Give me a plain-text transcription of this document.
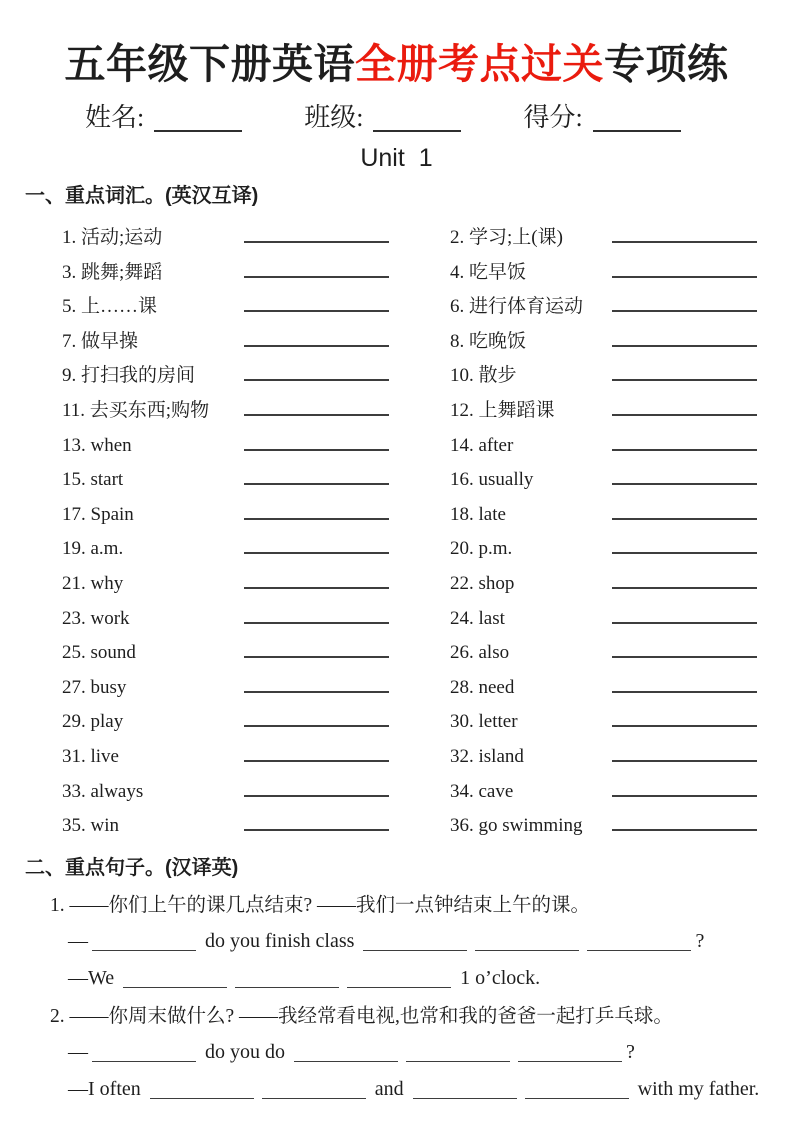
五年级下册英语全册考点过关专项练
姓名:	班级:	得分:
Unit 1
一、重点词汇。(英汉互译)
1. 活动;运动	2. 学习;上(课)
3. 跳舞;舞蹈	4. 吃早饭
5. 上……课	6. 进行体育运动
7. 做早操	8. 吃晚饭
9. 打扫我的房间	10. 散步
11. 去买东西;购物	12. 上舞蹈课
13. when	14. after
15. start	16. usually
17. Spain	18. late
19. a.m.	20. p.m.
21. why	22. shop
23. work	24. last
25. sound	26. also
27. busy	28. need
29. play	30. letter
31. live	32. island
33. always	34. cave
35. win	36. go swimming
二、重点句子。(汉译英)
1. ——你们上午的课几点结束? ——我们一点钟结束上午的课。
—	do you finish class	?
—We	1 o’clock.
2. ——你周末做什么? ——我经常看电视,也常和我的爸爸一起打乒乓球。
—	do you do	?
—I often	and	with my father.
